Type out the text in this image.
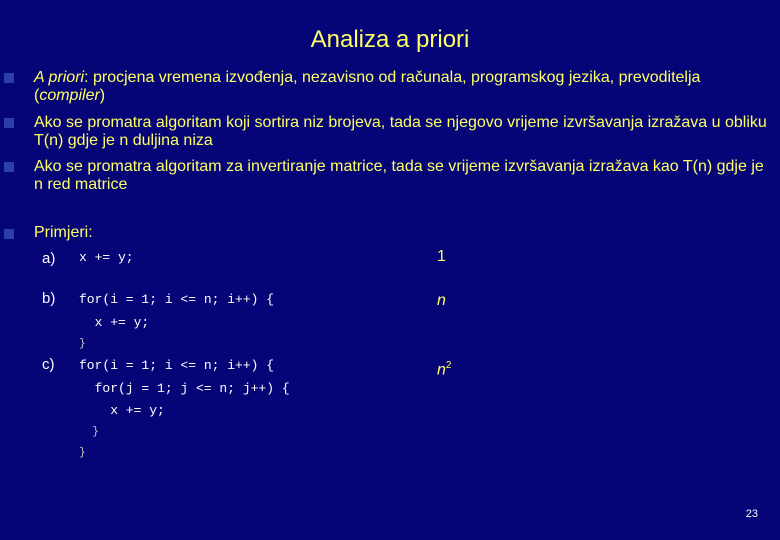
Analiza a priori
A priori: procjena vremena izvođenja, nezavisno od računala, programskog jezika, prevoditelja (compiler)
Ako se promatra algoritam koji sortira niz brojeva, tada se njegovo vrijeme izvršavanja izražava u obliku T(n) gdje je n duljina niza
Ako se promatra algoritam za invertiranje matrice, tada se vrijeme izvršavanja izražava kao T(n) gdje je n red matrice
Primjeri:
a) x += y;	1
b) for(i = 1; i <= n; i++) {
x += y;
}
n
c) for(i = 1; i <= n; i++) {
for(j = 1; j <= n; j++) {
x += y;
}
}
$n^2$
23
